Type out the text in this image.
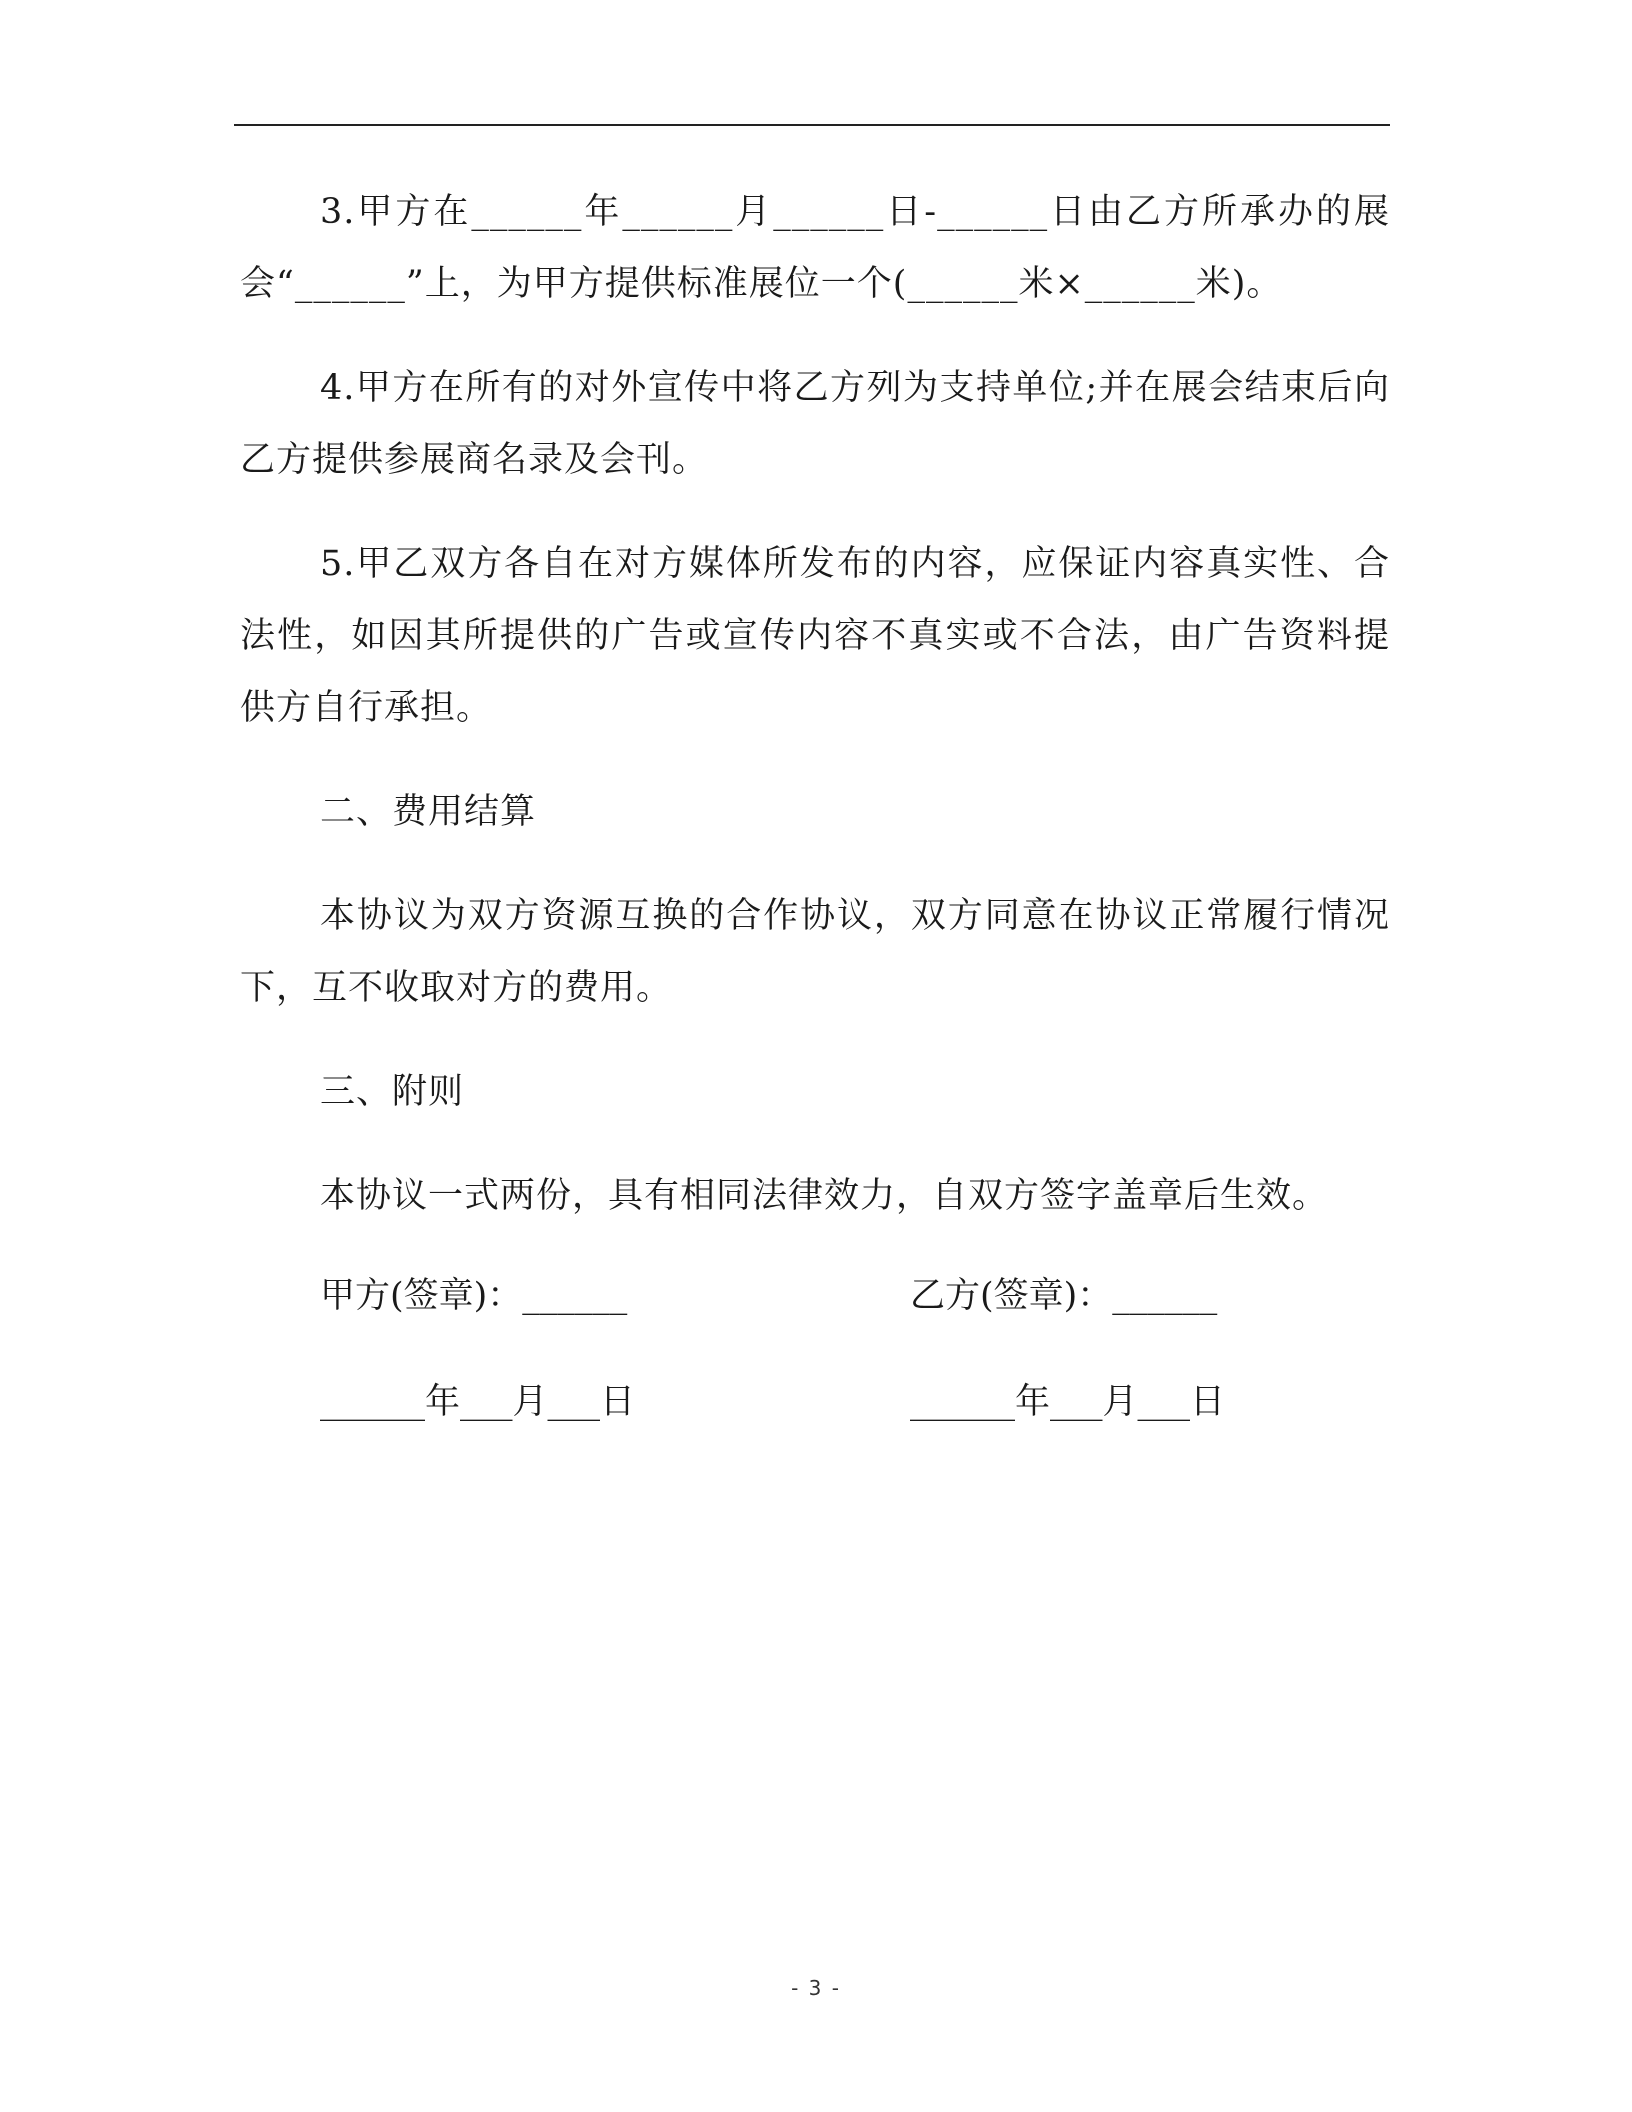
3.甲方在______年______月______日-______日由乙方所承办的展会“______”上，为甲方提供标准展位一个(______米×______米)。

4.甲方在所有的对外宣传中将乙方列为支持单位;并在展会结束后向乙方提供参展商名录及会刊。

5.甲乙双方各自在对方媒体所发布的内容，应保证内容真实性、合法性，如因其所提供的广告或宣传内容不真实或不合法，由广告资料提供方自行承担。

二、费用结算

本协议为双方资源互换的合作协议，双方同意在协议正常履行情况下，互不收取对方的费用。

三、附则

本协议一式两份，具有相同法律效力，自双方签字盖章后生效。

甲方(签章)：______	乙方(签章)：______
______年___月___日	______年___月___日
- 3 -
